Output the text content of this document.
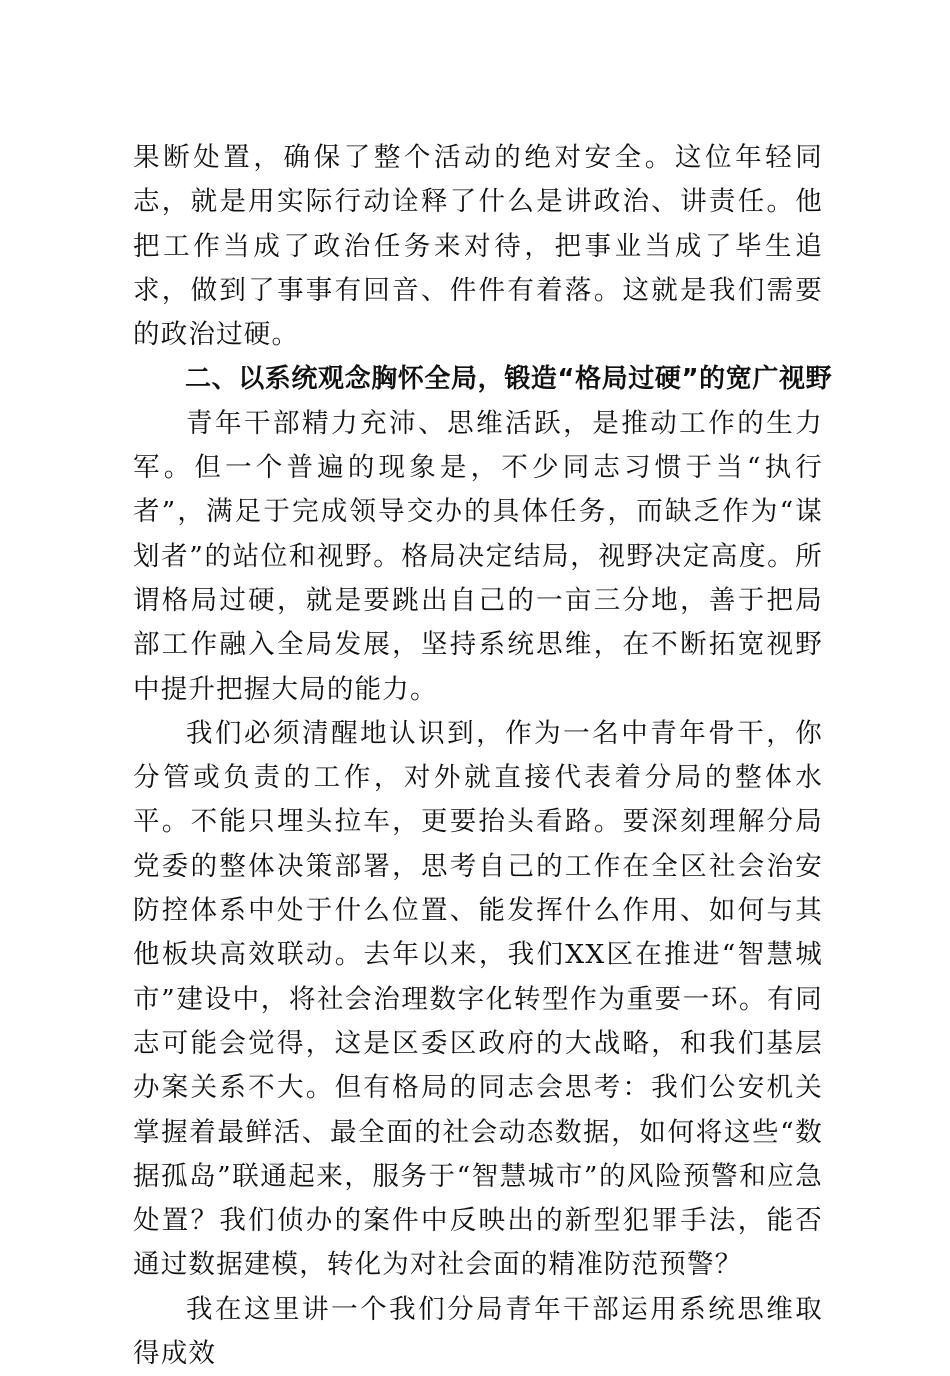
果断处置，确保了整个活动的绝对安全。这位年轻同志，就是用实际行动诠释了什么是讲政治、讲责任。他把工作当成了政治任务来对待，把事业当成了毕生追求，做到了事事有回音、件件有着落。这就是我们需要的政治过硬。

二、以系统观念胸怀全局，锻造“格局过硬”的宽广视野

青年干部精力充沛、思维活跃，是推动工作的生力军。但一个普遍的现象是，不少同志习惯于当“执行者”，满足于完成领导交办的具体任务，而缺乏作为“谋划者”的站位和视野。格局决定结局，视野决定高度。所谓格局过硬，就是要跳出自己的一亩三分地，善于把局部工作融入全局发展，坚持系统思维，在不断拓宽视野中提升把握大局的能力。

我们必须清醒地认识到，作为一名中青年骨干，你分管或负责的工作，对外就直接代表着分局的整体水平。不能只埋头拉车，更要抬头看路。要深刻理解分局党委的整体决策部署，思考自己的工作在全区社会治安防控体系中处于什么位置、能发挥什么作用、如何与其他板块高效联动。去年以来，我们XX区在推进“智慧城市”建设中，将社会治理数字化转型作为重要一环。有同志可能会觉得，这是区委区政府的大战略，和我们基层办案关系不大。但有格局的同志会思考：我们公安机关掌握着最鲜活、最全面的社会动态数据，如何将这些“数据孤岛”联通起来，服务于“智慧城市”的风险预警和应急处置？我们侦办的案件中反映出的新型犯罪手法，能否通过数据建模，转化为对社会面的精准防范预警？

我在这里讲一个我们分局青年干部运用系统思维取得成效
